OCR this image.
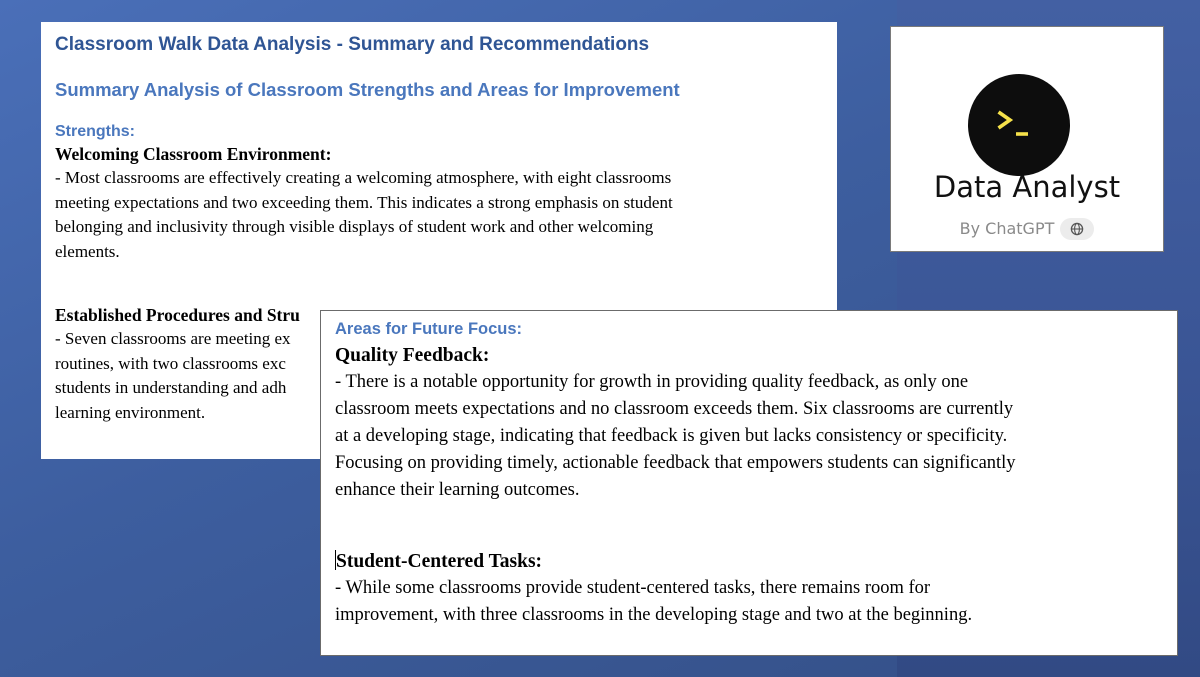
Classroom Walk Data Analysis - Summary and Recommendations
Summary Analysis of Classroom Strengths and Areas for Improvement
Strengths:
Welcoming Classroom Environment:
- Most classrooms are effectively creating a welcoming atmosphere, with eight classrooms
meeting expectations and two exceeding them. This indicates a strong emphasis on student
belonging and inclusivity through visible displays of student work and other welcoming
elements.
Established Procedures and Stru
- Seven classrooms are meeting ex
routines, with two classrooms exc
students in understanding and adh
learning environment.
Areas for Future Focus:
Quality Feedback:
- There is a notable opportunity for growth in providing quality feedback, as only one
classroom meets expectations and no classroom exceeds them. Six classrooms are currently
at a developing stage, indicating that feedback is given but lacks consistency or specificity.
Focusing on providing timely, actionable feedback that empowers students can significantly
enhance their learning outcomes.
Student-Centered Tasks:
- While some classrooms provide student-centered tasks, there remains room for
improvement, with three classrooms in the developing stage and two at the beginning.
Data Analyst
By ChatGPT
